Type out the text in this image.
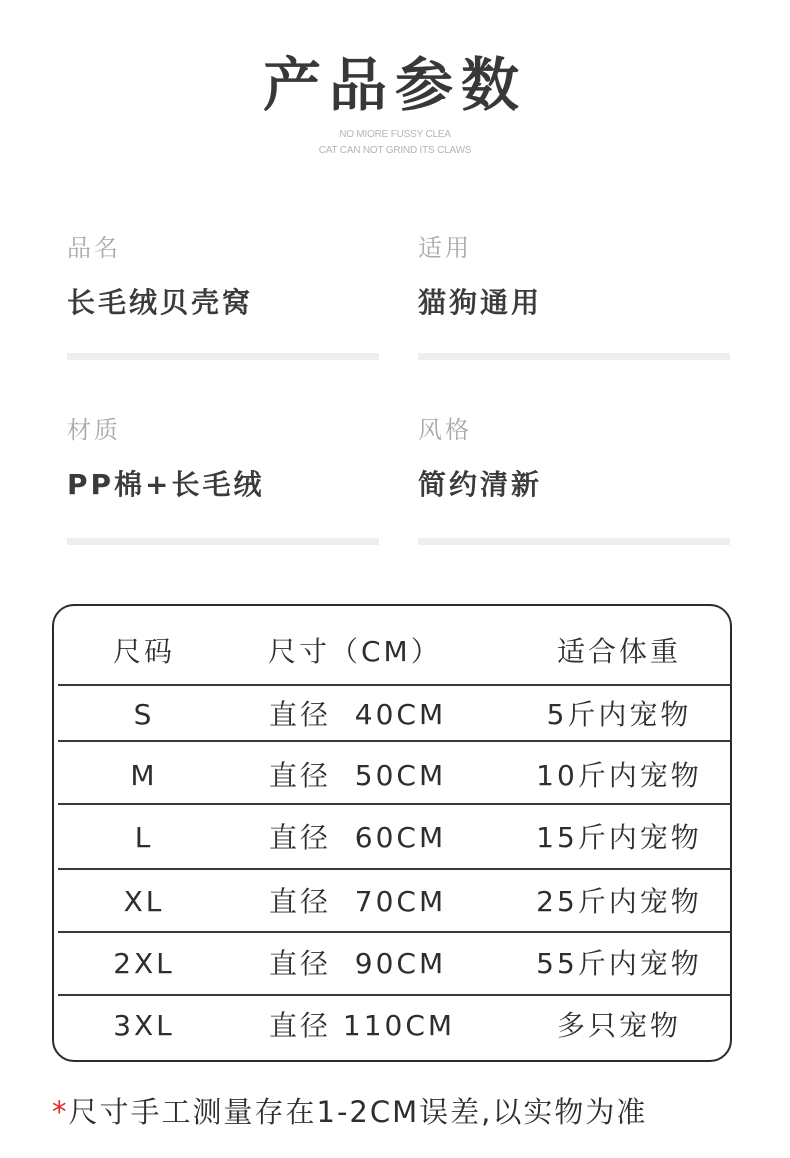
产品参数
NO MIORE FUSSY CLEA
CAT CAN NOT GRIND ITS CLAWS
品名
长毛绒贝壳窝
适用
猫狗通用
材质
PP棉+长毛绒
风格
简约清新
尺码	尺寸（CM）	适合体重
S	直径  40CM	5斤内宠物
M	直径  50CM	10斤内宠物
L	直径  60CM	15斤内宠物
XL	直径  70CM	25斤内宠物
2XL	直径  90CM	55斤内宠物
3XL	直径 110CM	多只宠物
*尺寸手工测量存在1-2CM误差,以实物为准
